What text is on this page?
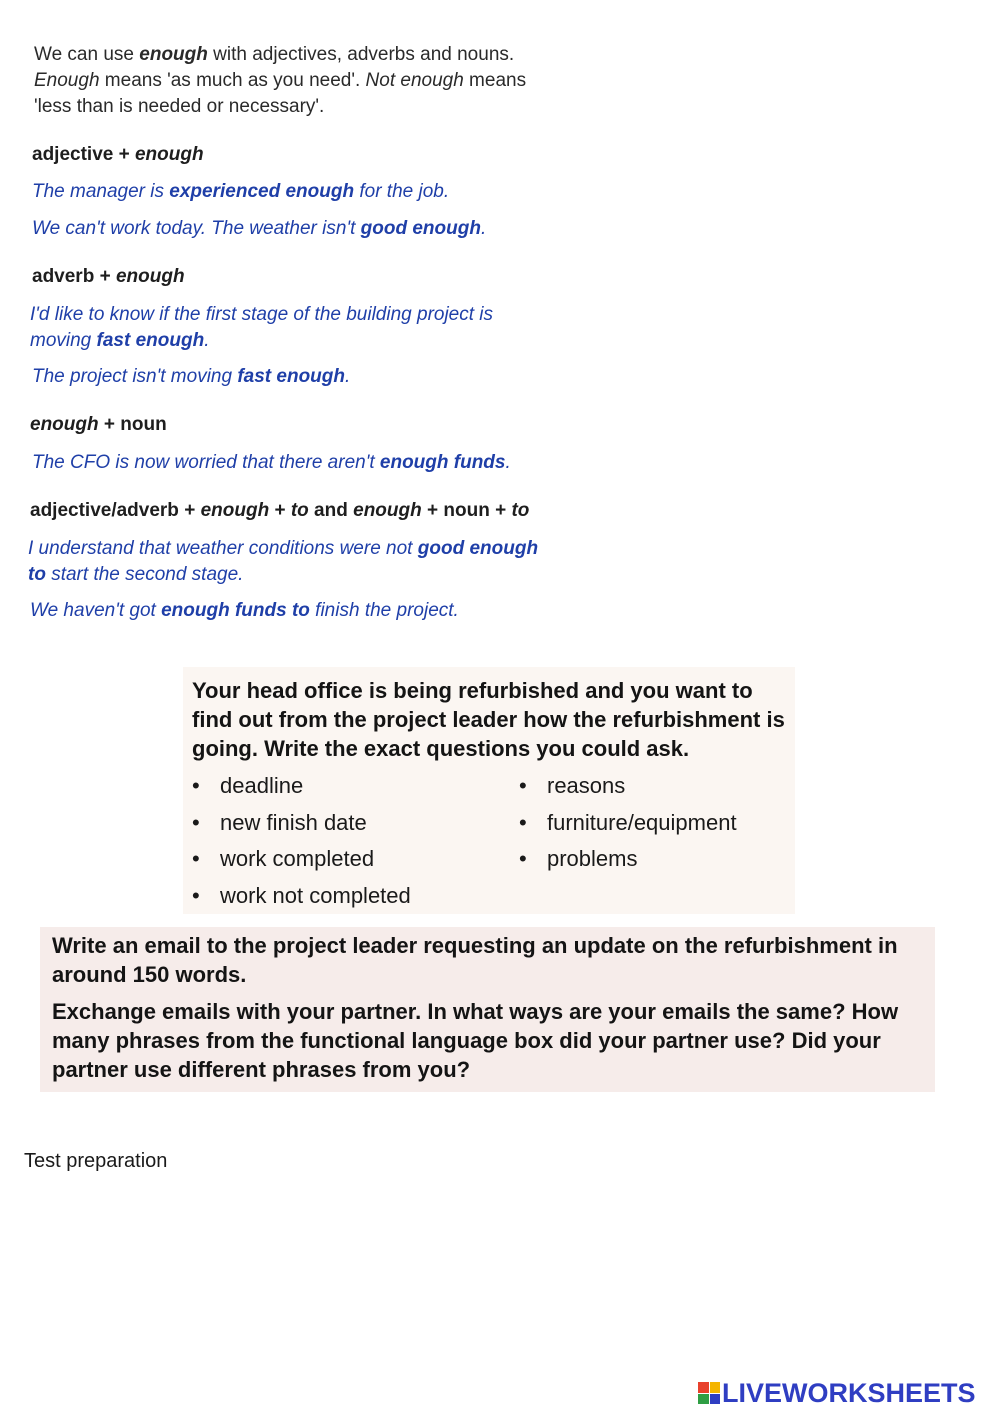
We can use enough with adjectives, adverbs and nouns.
Enough means 'as much as you need'. Not enough means
'less than is needed or necessary'.
adjective + enough
The manager is experienced enough for the job.
We can't work today. The weather isn't good enough.
adverb + enough
I'd like to know if the first stage of the building project is
moving fast enough.
The project isn't moving fast enough.
enough + noun
The CFO is now worried that there aren't enough funds.
adjective/adverb + enough + to and enough + noun + to
I understand that weather conditions were not good enough
to start the second stage.
We haven't got enough funds to finish the project.
Your head office is being refurbished and you want to find out from the project leader how the refurbishment is going. Write the exact questions you could ask.
• deadline
• new finish date
• work completed
• work not completed
• reasons
• furniture/equipment
• problems
Write an email to the project leader requesting an update on the refurbishment in around 150 words.
Exchange emails with your partner. In what ways are your emails the same? How many phrases from the functional language box did your partner use? Did your partner use different phrases from you?
Test preparation
LIVEWORKSHEETS
